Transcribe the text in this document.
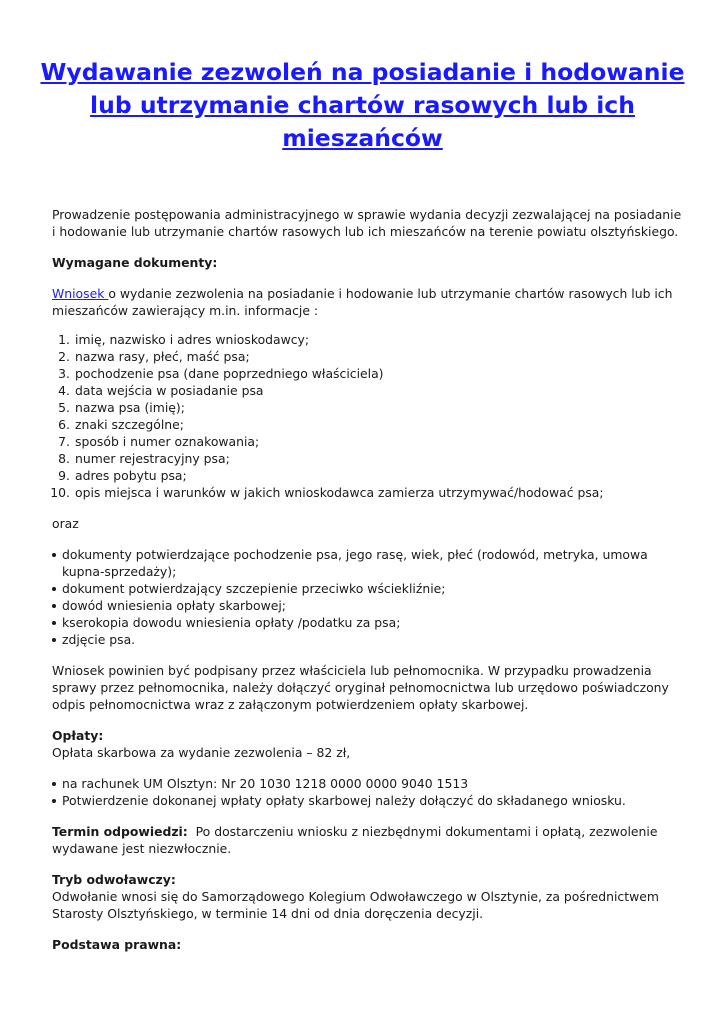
Wydawanie zezwoleń na posiadanie i hodowanie lub utrzymanie chartów rasowych lub ich mieszańców

Prowadzenie postępowania administracyjnego w sprawie wydania decyzji zezwalającej na posiadanie i hodowanie lub utrzymanie chartów rasowych lub ich mieszańców na terenie powiatu olsztyńskiego.

Wymagane dokumenty:

Wniosek o wydanie zezwolenia na posiadanie i hodowanie lub utrzymanie chartów rasowych lub ich mieszańców zawierający m.in. informacje :

1. imię, nazwisko i adres wnioskodawcy;
2. nazwa rasy, płeć, maść psa;
3. pochodzenie psa (dane poprzedniego właściciela)
4. data wejścia w posiadanie psa
5. nazwa psa (imię);
6. znaki szczególne;
7. sposób i numer oznakowania;
8. numer rejestracyjny psa;
9. adres pobytu psa;
10. opis miejsca i warunków w jakich wnioskodawca zamierza utrzymywać/hodować psa;

oraz

dokumenty potwierdzające pochodzenie psa, jego rasę, wiek, płeć (rodowód, metryka, umowa kupna-sprzedaży);
dokument potwierdzający szczepienie przeciwko wściekliźnie;
dowód wniesienia opłaty skarbowej;
kserokopia dowodu wniesienia opłaty /podatku za psa;
zdjęcie psa.

Wniosek powinien być podpisany przez właściciela lub pełnomocnika. W przypadku prowadzenia sprawy przez pełnomocnika, należy dołączyć oryginał pełnomocnictwa lub urzędowo poświadczony odpis pełnomocnictwa wraz z załączonym potwierdzeniem opłaty skarbowej.

Opłaty:

Opłata skarbowa za wydanie zezwolenia – 82 zł,

na rachunek UM Olsztyn: Nr 20 1030 1218 0000 0000 9040 1513
Potwierdzenie dokonanej wpłaty opłaty skarbowej należy dołączyć do składanego wniosku.

Termin odpowiedzi: Po dostarczeniu wniosku z niezbędnymi dokumentami i opłatą, zezwolenie wydawane jest niezwłocznie.

Tryb odwoławczy:

Odwołanie wnosi się do Samorządowego Kolegium Odwoławczego w Olsztynie, za pośrednictwem Starosty Olsztyńskiego, w terminie 14 dni od dnia doręczenia decyzji.

Podstawa prawna:
